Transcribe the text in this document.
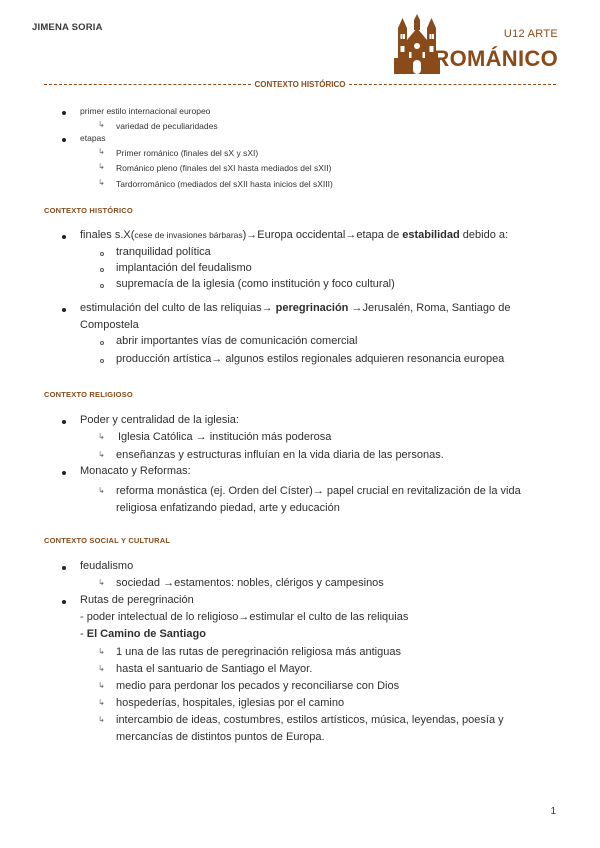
JIMENA SORIA
U12 ARTE
ROMÁNICO
CONTEXTO HISTÓRICO
primer estilo internacional europeo
↳ variedad de peculiaridades
etapas
↳ Primer románico (finales del sX y sXI)
↳ Románico pleno (finales del sXI hasta mediados del sXII)
↳ Tardorrománico (mediados del sXII hasta inicios del sXIII)
CONTEXTO HISTÓRICO
finales s.X(cese de invasiones bárbaras)→Europa occidental→etapa de estabilidad debido a:
tranquilidad política
implantación del feudalismo
supremacía de la iglesia (como institución y foco cultural)
estimulación del culto de las reliquias→ peregrinación →Jerusalén, Roma, Santiago de
Compostela
abrir importantes vías de comunicación comercial
producción artística→ algunos estilos regionales adquieren resonancia europea
CONTEXTO RELIGIOSO
Poder y centralidad de la iglesia:
↳ Iglesia Católica → institución más poderosa
↳ enseñanzas y estructuras influían en la vida diaria de las personas.
Monacato y Reformas:
↳ reforma monástica (ej. Orden del Císter)→ papel crucial en revitalización de la vida
religiosa enfatizando piedad, arte y educación
CONTEXTO SOCIAL Y CULTURAL
feudalismo
↳ sociedad →estamentos: nobles, clérigos y campesinos
Rutas de peregrinación
- poder intelectual de lo religioso→estimular el culto de las reliquias
- El Camino de Santiago
↳ 1 una de las rutas de peregrinación religiosa más antiguas
↳ hasta el santuario de Santiago el Mayor.
↳ medio para perdonar los pecados y reconciliarse con Dios
↳ hospederías, hospitales, iglesias por el camino
↳ intercambio de ideas, costumbres, estilos artísticos, música, leyendas, poesía y
mercancías de distintos puntos de Europa.
1
